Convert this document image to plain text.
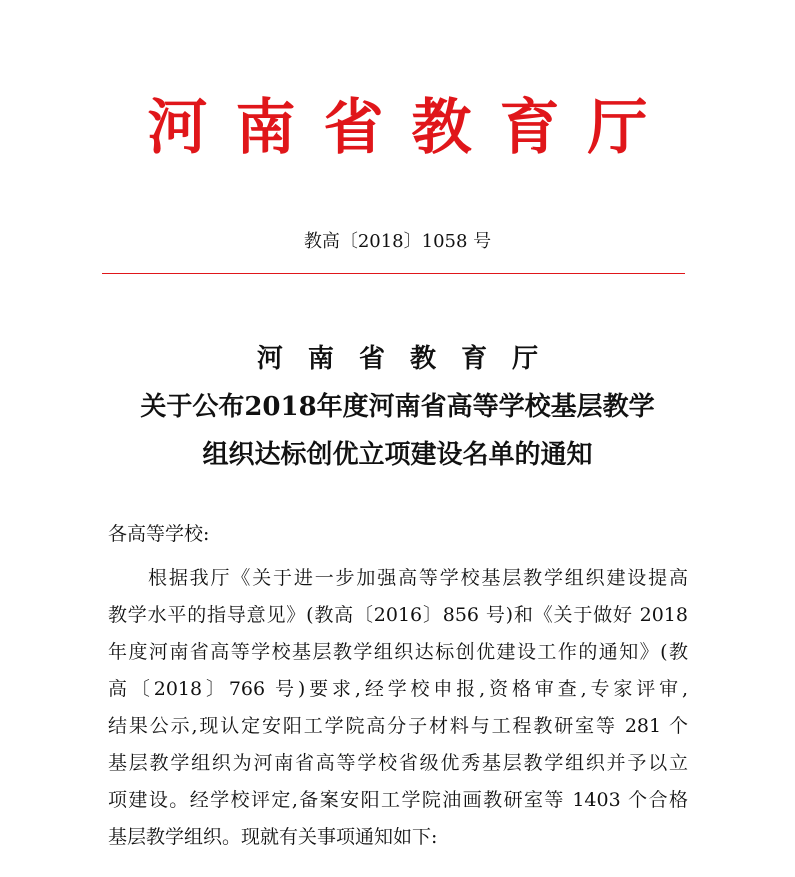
河南省教育厅
教高〔2018〕1058 号
河 南 省 教 育 厅
关于公布2018年度河南省高等学校基层教学
组织达标创优立项建设名单的通知
各高等学校:
根据我厅《关于进一步加强高等学校基层教学组织建设提高
教学水平的指导意见》(教高〔2016〕856 号)和《关于做好 2018
年度河南省高等学校基层教学组织达标创优建设工作的通知》(教
高〔2018〕766 号)要求,经学校申报,资格审查,专家评审,
结果公示,现认定安阳工学院高分子材料与工程教研室等 281 个
基层教学组织为河南省高等学校省级优秀基层教学组织并予以立
项建设。经学校评定,备案安阳工学院油画教研室等 1403 个合格
基层教学组织。现就有关事项通知如下:
